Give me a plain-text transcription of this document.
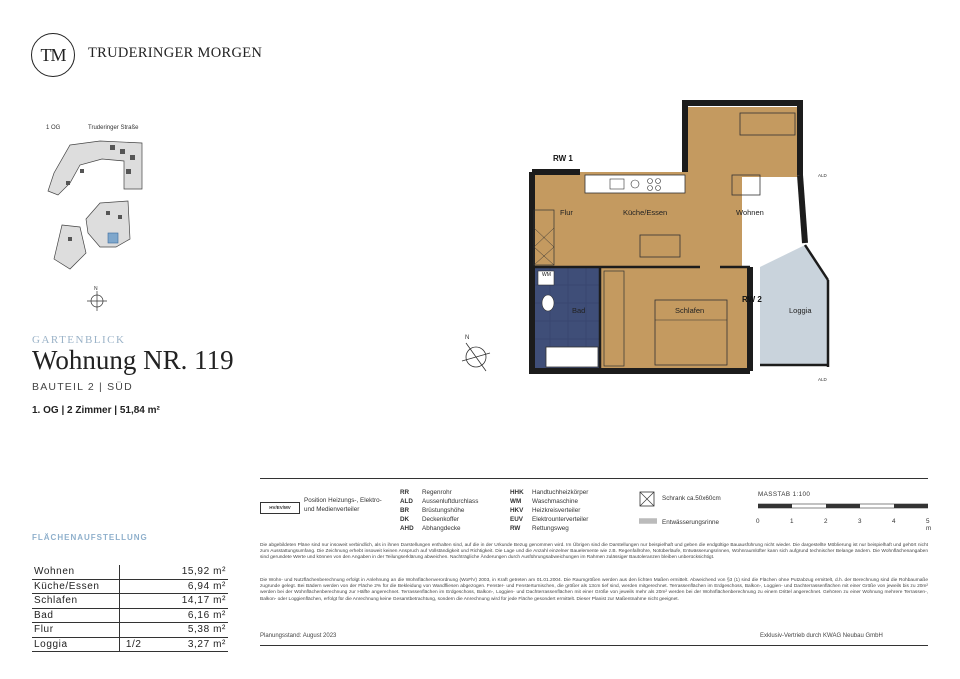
TM TRUDERINGER MORGEN
1 OG	Truderinger Straße
N
GARTENBLICK
Wohnung NR. 119
BAUTEIL 2 | SÜD
1. OG | 2 Zimmer | 51,84 m²
FLÄCHENAUFSTELLUNG
Wohnen		15,92 m²
Küche/Essen		6,94 m²
Schlafen		14,17 m²
Bad		6,16 m²
Flur		5,38 m²
Loggia	1/2	3,27 m²
N
Flur	Küche/Essen	Wohnen
Bad	Schlafen	Loggia
RW 1
RW 2
WM
ALD
ALD
HV/EV/MV
Position Heizungs-, Elektro- und Medienverteiler
RR Regenrohr
ALD Aussenluftdurchlass
BR Brüstungshöhe
DK Deckenkoffer
AHD Abhangdecke
HHK Handtuchheizkörper
WM Waschmaschine
HKV Heizkreisverteiler
EUV Elektrounterverteiler
RW Rettungsweg
Schrank ca.50x60cm
Entwässerungsrinne
MASSTAB 1:100
0	1	2	3	4	5 m
Die abgebildeten Pläne sind nur insoweit verbindlich, als in ihnen Darstellungen enthalten sind, auf die in der Urkunde Bezug genommen wird. Im Übrigen sind die Darstellungen nur beispielhaft und geben die endgültige Bauausführung nicht wieder. Die dargestellte Möblierung ist nur beispielhaft und gehört nicht zum Ausstattungsumfang. Die Zeichnung erhebt insoweit keinen Anspruch auf Vollständigkeit und Richtigkeit. Die Lage und die Anzahl einzelner Bauelemente wie z.B. Regenfallrohre, Notüberläufe, Entwässerungsrinnen, Wohnraumlüfter kann sich aufgrund technischer Belange ändern. Die Wohnflächenangaben sind gerundete Werte und können von den Angaben in der Teilungserklärung abweichen. Nachträgliche Änderungen durch Ausführungsabweichungen im Rahmen zulässiger Bautoleranzen bleiben unberücksichtigt.
Die Wohn- und Nutzflächenberechnung erfolgt in Anlehnung an die Wohnflächenverordnung (WoFlV) 2003, in Kraft getreten am 01.01.2004. Die Raumgrößen werden aus den lichten Maßen ermittelt. Abweichend von §3 (1) sind die Flächen ohne Putzabzug ermittelt, d.h. der Berechnung sind die Rohbaumaße zugrunde gelegt. Bei Bädern werden von der Fläche 2% für die Bekleidung von Wandfliesen abgezogen. Fenster- und Fensterturnischen, die größer als 13cm tief sind, werden mitgerechnet. Terrassenflächen im Erdgeschoss, Balkon-, Loggien- und Dachterrassenflächen mit einer Größe von jeweils bis zu 20m² werden bei der Wohnflächenberechnung zur Hälfte angerechnet. Terrassenflächen im Erdgeschoss, Balkon-, Loggien- und Dachterrassenflächen mit einer Größe von jeweils mehr als 20m² werden bei der Wohnflächenberechnung zu einem Drittel angerechnet. Gehören zu einer Wohnung mehrere Terrassen-, Balkon- oder Loggienflächen, erfolgt für die Anrechnung keine Gesamtbetrachtung, sondern die Anrechnung wird für jede Fläche gesondert ermittelt. Dieser Planist zur Maßentnahme nicht geeignet.
Planungsstand: August 2023	Exklusiv-Vertrieb durch KWAG Neubau GmbH
